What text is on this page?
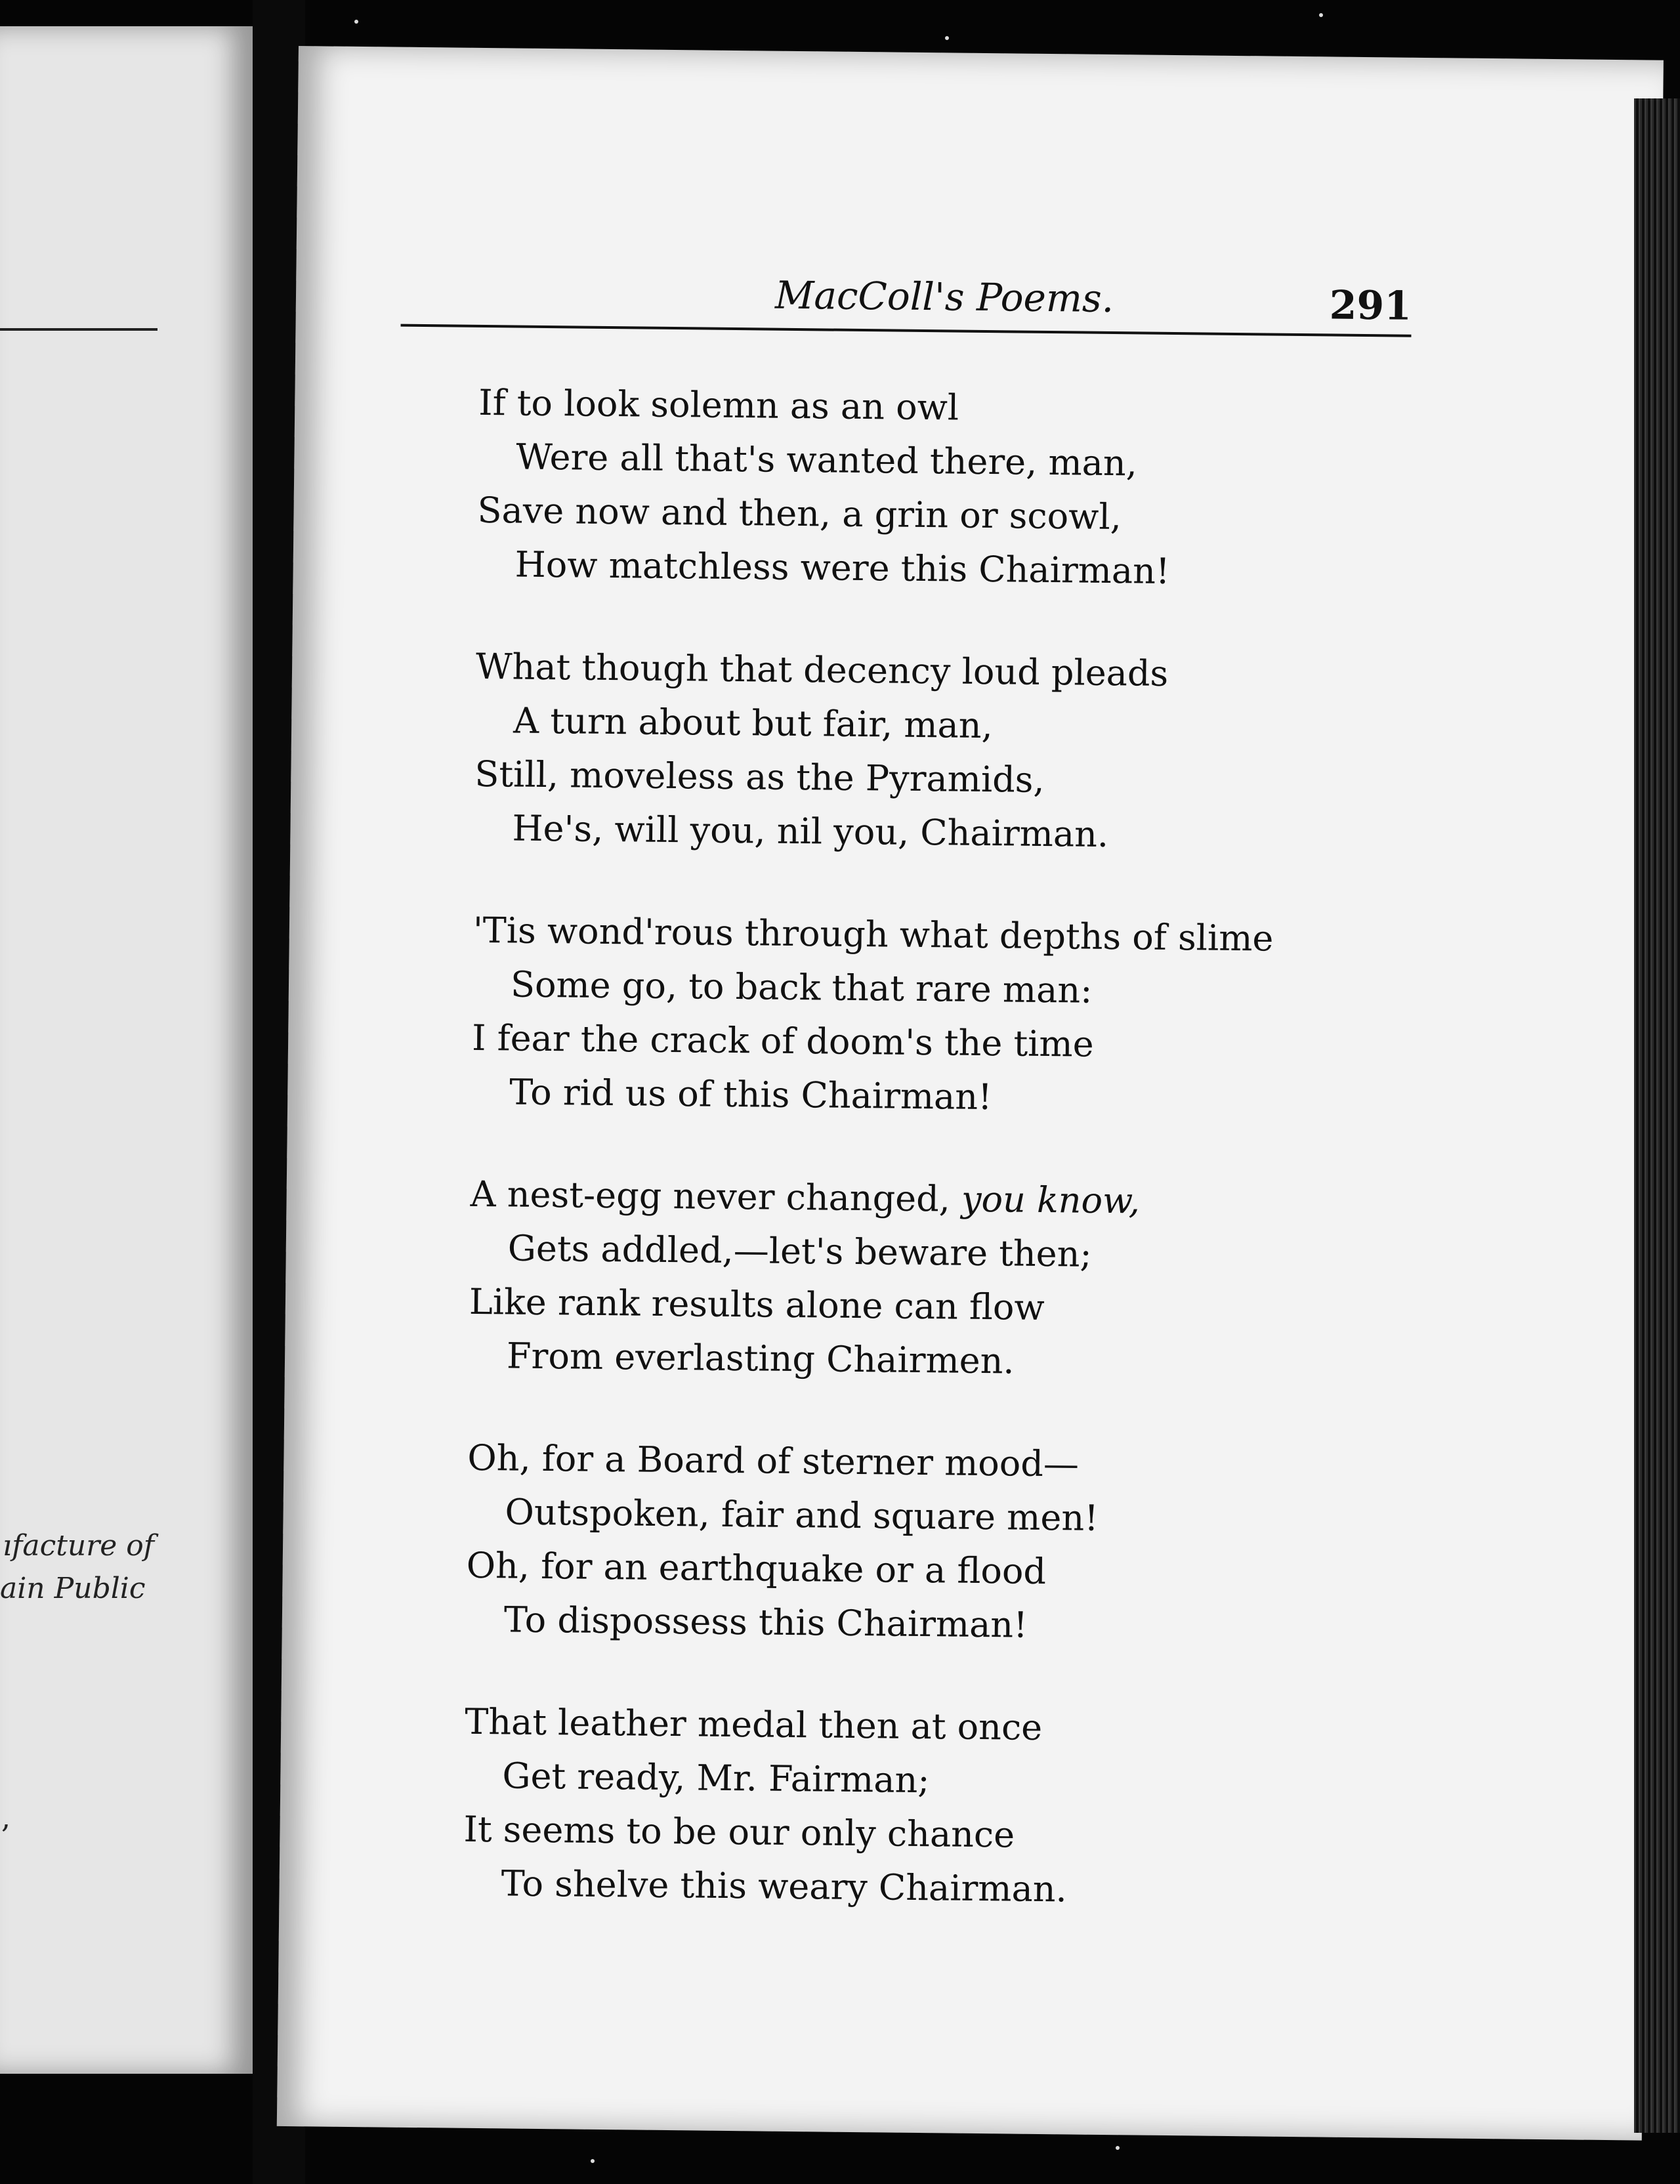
ıfacture of
ain Public
,
MacColl's Poems.	291
If to look solemn as an owl
Were all that's wanted there, man,
Save now and then, a grin or scowl,
How matchless were this Chairman!
What though that decency loud pleads
A turn about but fair, man,
Still, moveless as the Pyramids,
He's, will you, nil you, Chairman.
'Tis wond'rous through what depths of slime
Some go, to back that rare man:
I fear the crack of doom's the time
To rid us of this Chairman!
A nest-egg never changed, you know,
Gets addled,—let's beware then;
Like rank results alone can flow
From everlasting Chairmen.
Oh, for a Board of sterner mood—
Outspoken, fair and square men!
Oh, for an earthquake or a flood
To dispossess this Chairman!
That leather medal then at once
Get ready, Mr. Fairman;
It seems to be our only chance
To shelve this weary Chairman.
